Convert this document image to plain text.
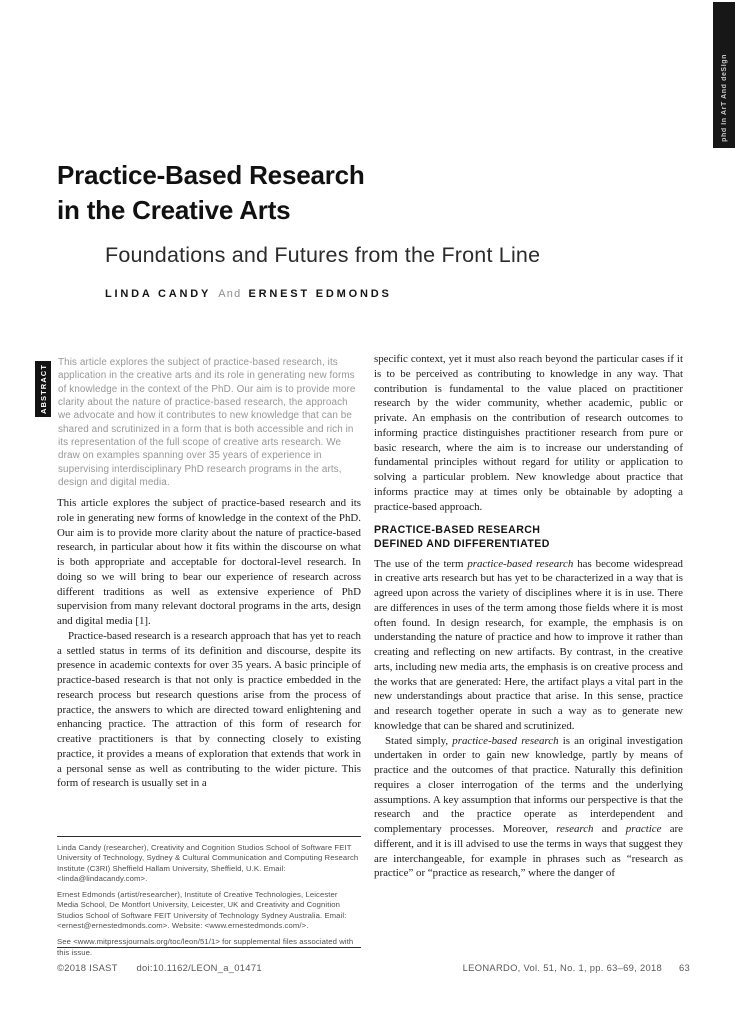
phd In ArT And deSIgn
Practice-Based Research
in the Creative Arts
Foundations and Futures from the Front Line
LINDA CANDY And ERNEST EDMONDS
ABSTRACT
This article explores the subject of practice-based research, its application in the creative arts and its role in generating new forms of knowledge in the context of the PhD. Our aim is to provide more clarity about the nature of practice-based research, the approach we advocate and how it contributes to new knowledge that can be shared and scrutinized in a form that is both accessible and rich in its representation of the full scope of creative arts research. We draw on examples spanning over 35 years of experience in supervising interdisciplinary PhD research programs in the arts, design and digital media.

This article explores the subject of practice-based research and its role in generating new forms of knowledge in the context of the PhD. Our aim is to provide more clarity about the nature of practice-based research, in particular about how it fits within the discourse on what is both appropriate and acceptable for doctoral-level research. In doing so we will bring to bear our experience of research across different traditions as well as extensive experience of PhD supervision from many relevant doctoral programs in the arts, design and digital media [1].

Practice-based research is a research approach that has yet to reach a settled status in terms of its definition and discourse, despite its presence in academic contexts for over 35 years. A basic principle of practice-based research is that not only is practice embedded in the research process but research questions arise from the process of practice, the answers to which are directed toward enlightening and enhancing practice. The attraction of this form of research for creative practitioners is that by connecting closely to existing practice, it provides a means of exploration that extends that work in a personal sense as well as contributing to the wider picture. This form of research is usually set in a

Linda Candy (researcher), Creativity and Cognition Studios School of Software FEIT University of Technology, Sydney & Cultural Communication and Computing Research Institute (C3RI) Sheffield Hallam University, Sheffield, U.K. Email: <linda@lindacandy.com>.

Ernest Edmonds (artist/researcher), Institute of Creative Technologies, Leicester Media School, De Montfort University, Leicester, UK and Creativity and Cognition Studios School of Software FEIT University of Technology Sydney Australia. Email: <ernest@ernestedmonds.com>. Website: <www.ernestedmonds.com/>.

See <www.mitpressjournals.org/toc/leon/51/1> for supplemental files associated with this issue.

specific context, yet it must also reach beyond the particular cases if it is to be perceived as contributing to knowledge in any way. That contribution is fundamental to the value placed on practitioner research by the wider community, whether academic, public or private. An emphasis on the contribution of research outcomes to informing practice distinguishes practitioner research from pure or basic research, where the aim is to increase our understanding of fundamental principles without regard for utility or application to solving a particular problem. New knowledge about practice that informs practice may at times only be obtainable by adopting a practice-based approach.

PRACTICE-BASED RESEARCH
DEFINED AND DIFFERENTIATED

The use of the term practice-based research has become widespread in creative arts research but has yet to be characterized in a way that is agreed upon across the variety of disciplines where it is in use. There are differences in uses of the term among those fields where it is most often found. In design research, for example, the emphasis is on understanding the nature of practice and how to improve it rather than creating and reflecting on new artifacts. By contrast, in the creative arts, including new media arts, the emphasis is on creative process and the works that are generated: Here, the artifact plays a vital part in the new understandings about practice that arise. In this sense, practice and research together operate in such a way as to generate new knowledge that can be shared and scrutinized.

Stated simply, practice-based research is an original investigation undertaken in order to gain new knowledge, partly by means of practice and the outcomes of that practice. Naturally this definition requires a closer interrogation of the terms and the underlying assumptions. A key assumption that informs our perspective is that the research and the practice operate as interdependent and complementary processes. Moreover, research and practice are different, and it is ill advised to use the terms in ways that suggest they are interchangeable, for example in phrases such as “research as practice” or “practice as research,” where the danger of

©2018 ISAST doi:10.1162/LEON_a_01471	LEONARDO, Vol. 51, No. 1, pp. 63–69, 2018 63
